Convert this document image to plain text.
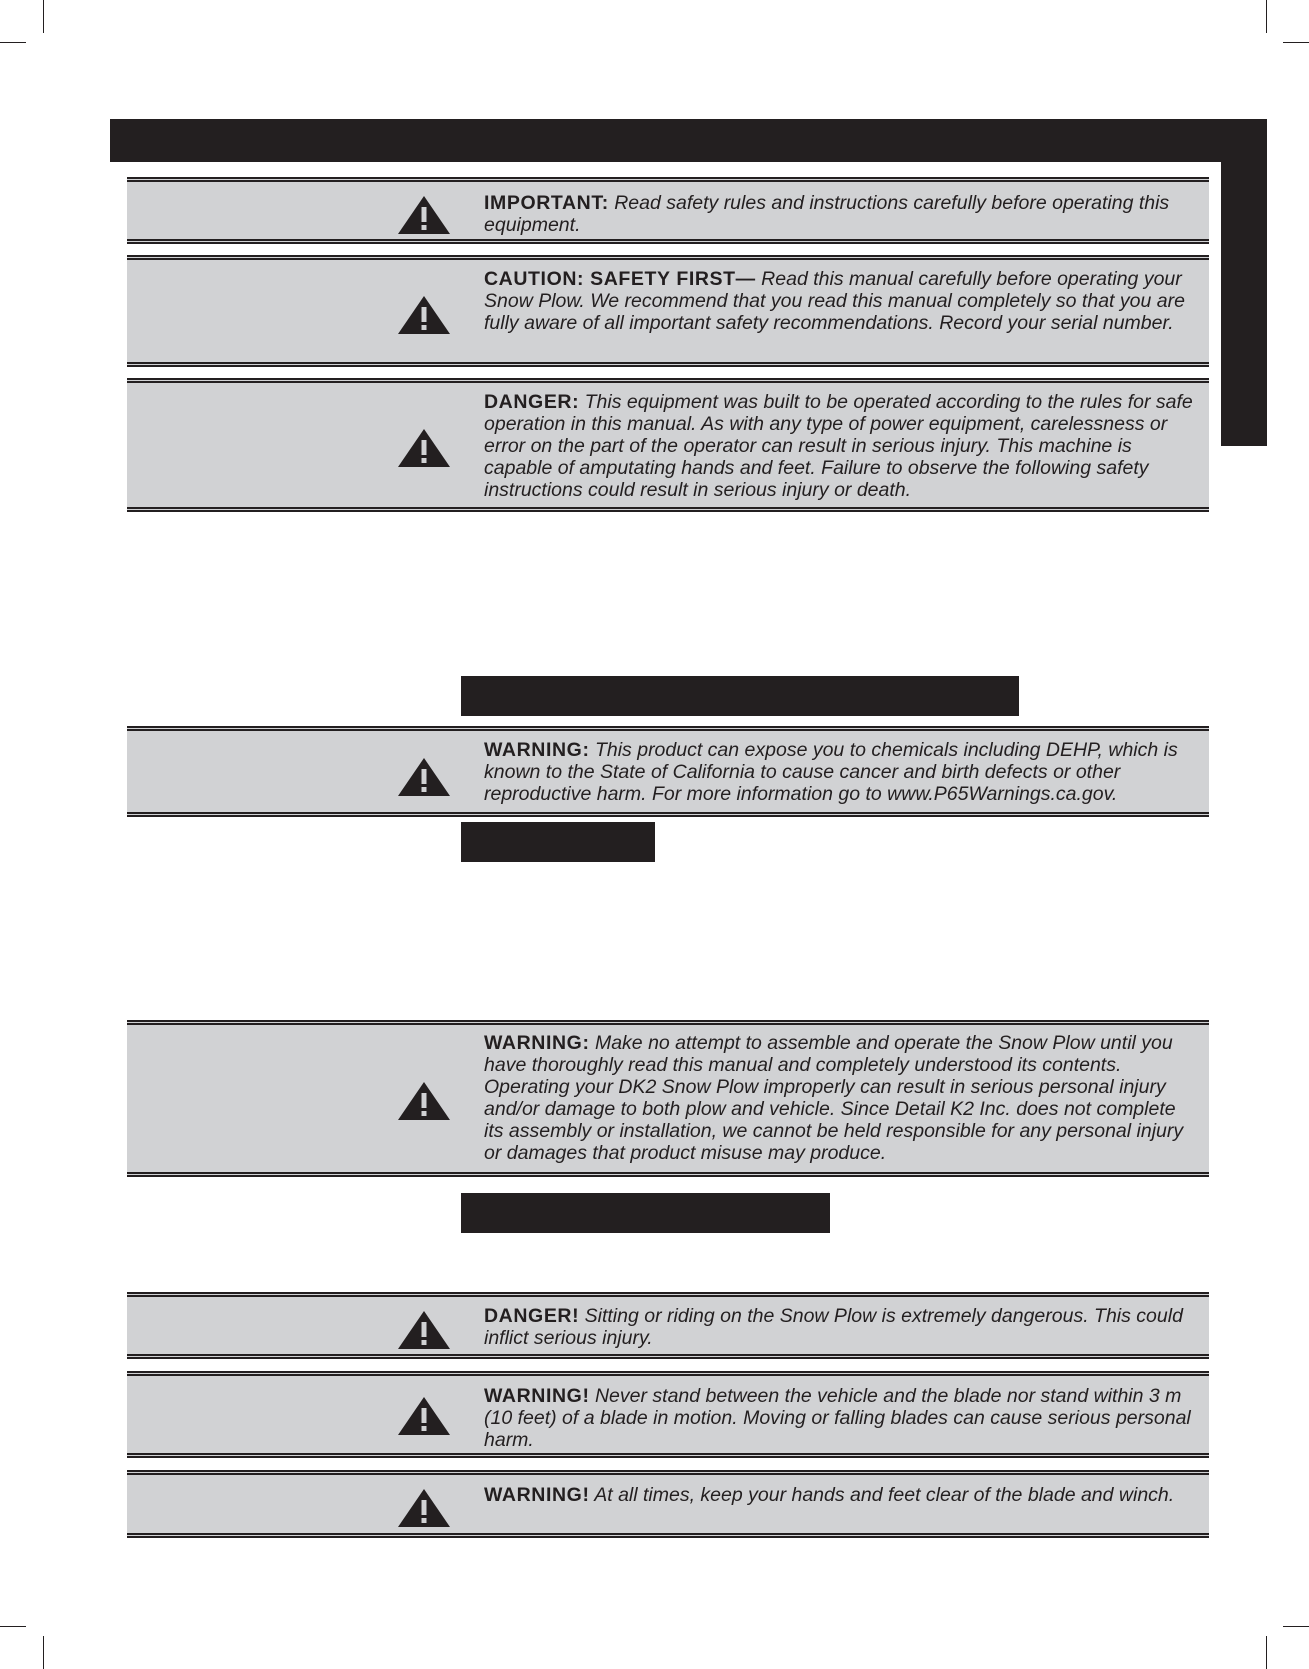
IMPORTANT: Read safety rules and instructions carefully before operating this equipment.
CAUTION: SAFETY FIRST— Read this manual carefully before operating your Snow Plow. We recommend that you read this manual completely so that you are fully aware of all important safety recommendations. Record your serial number.
DANGER: This equipment was built to be operated according to the rules for safe operation in this manual. As with any type of power equipment, carelessness or error on the part of the operator can result in serious injury. This machine is capable of amputating hands and feet. Failure to observe the following safety instructions could result in serious injury or death.
WARNING: This product can expose you to chemicals including DEHP, which is known to the State of California to cause cancer and birth defects or other reproductive harm. For more information go to www.P65Warnings.ca.gov.
WARNING: Make no attempt to assemble and operate the Snow Plow until you have thoroughly read this manual and completely understood its contents. Operating your DK2 Snow Plow improperly can result in serious personal injury and/or damage to both plow and vehicle. Since Detail K2 Inc. does not complete its assembly or installation, we cannot be held responsible for any personal injury or damages that product misuse may produce.
DANGER! Sitting or riding on the Snow Plow is extremely dangerous. This could inflict serious injury.
WARNING! Never stand between the vehicle and the blade nor stand within 3 m (10 feet) of a blade in motion. Moving or falling blades can cause serious personal harm.
WARNING! At all times, keep your hands and feet clear of the blade and winch.
